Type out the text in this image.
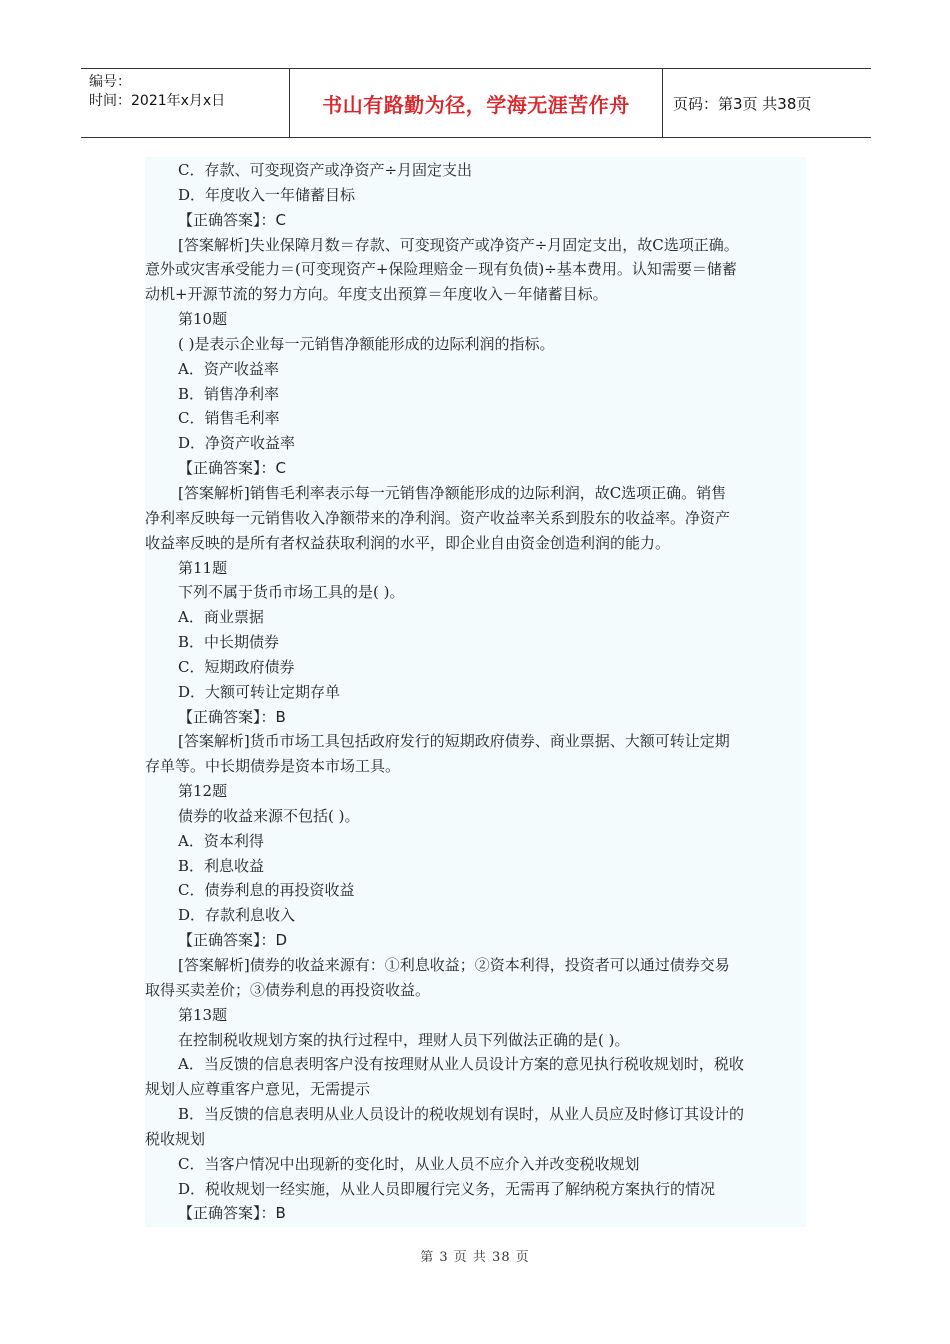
编号：
时间：2021年x月x日	书山有路勤为径，学海无涯苦作舟	页码：第3页 共38页
C．存款、可变现资产或净资产÷月固定支出
D．年度收入一年储蓄目标
【正确答案】：C
[答案解析]失业保障月数＝存款、可变现资产或净资产÷月固定支出，故C选项正确。
意外或灾害承受能力＝(可变现资产+保险理赔金－现有负债)÷基本费用。认知需要＝储蓄
动机+开源节流的努力方向。年度支出预算＝年度收入－年储蓄目标。
第10题
( )是表示企业每一元销售净额能形成的边际利润的指标。
A．资产收益率
B．销售净利率
C．销售毛利率
D．净资产收益率
【正确答案】：C
[答案解析]销售毛利率表示每一元销售净额能形成的边际利润，故C选项正确。销售
净利率反映每一元销售收入净额带来的净利润。资产收益率关系到股东的收益率。净资产
收益率反映的是所有者权益获取利润的水平，即企业自由资金创造利润的能力。
第11题
下列不属于货币市场工具的是( )。
A．商业票据
B．中长期债券
C．短期政府债券
D．大额可转让定期存单
【正确答案】：B
[答案解析]货币市场工具包括政府发行的短期政府债券、商业票据、大额可转让定期
存单等。中长期债券是资本市场工具。
第12题
债券的收益来源不包括( )。
A．资本利得
B．利息收益
C．债券利息的再投资收益
D．存款利息收入
【正确答案】：D
[答案解析]债券的收益来源有：①利息收益；②资本利得，投资者可以通过债券交易
取得买卖差价；③债券利息的再投资收益。
第13题
在控制税收规划方案的执行过程中，理财人员下列做法正确的是( )。
A．当反馈的信息表明客户没有按理财从业人员设计方案的意见执行税收规划时，税收
规划人应尊重客户意见，无需提示
B．当反馈的信息表明从业人员设计的税收规划有误时，从业人员应及时修订其设计的
税收规划
C．当客户情况中出现新的变化时，从业人员不应介入并改变税收规划
D．税收规划一经实施，从业人员即履行完义务，无需再了解纳税方案执行的情况
【正确答案】：B
第 3 页 共 38 页
